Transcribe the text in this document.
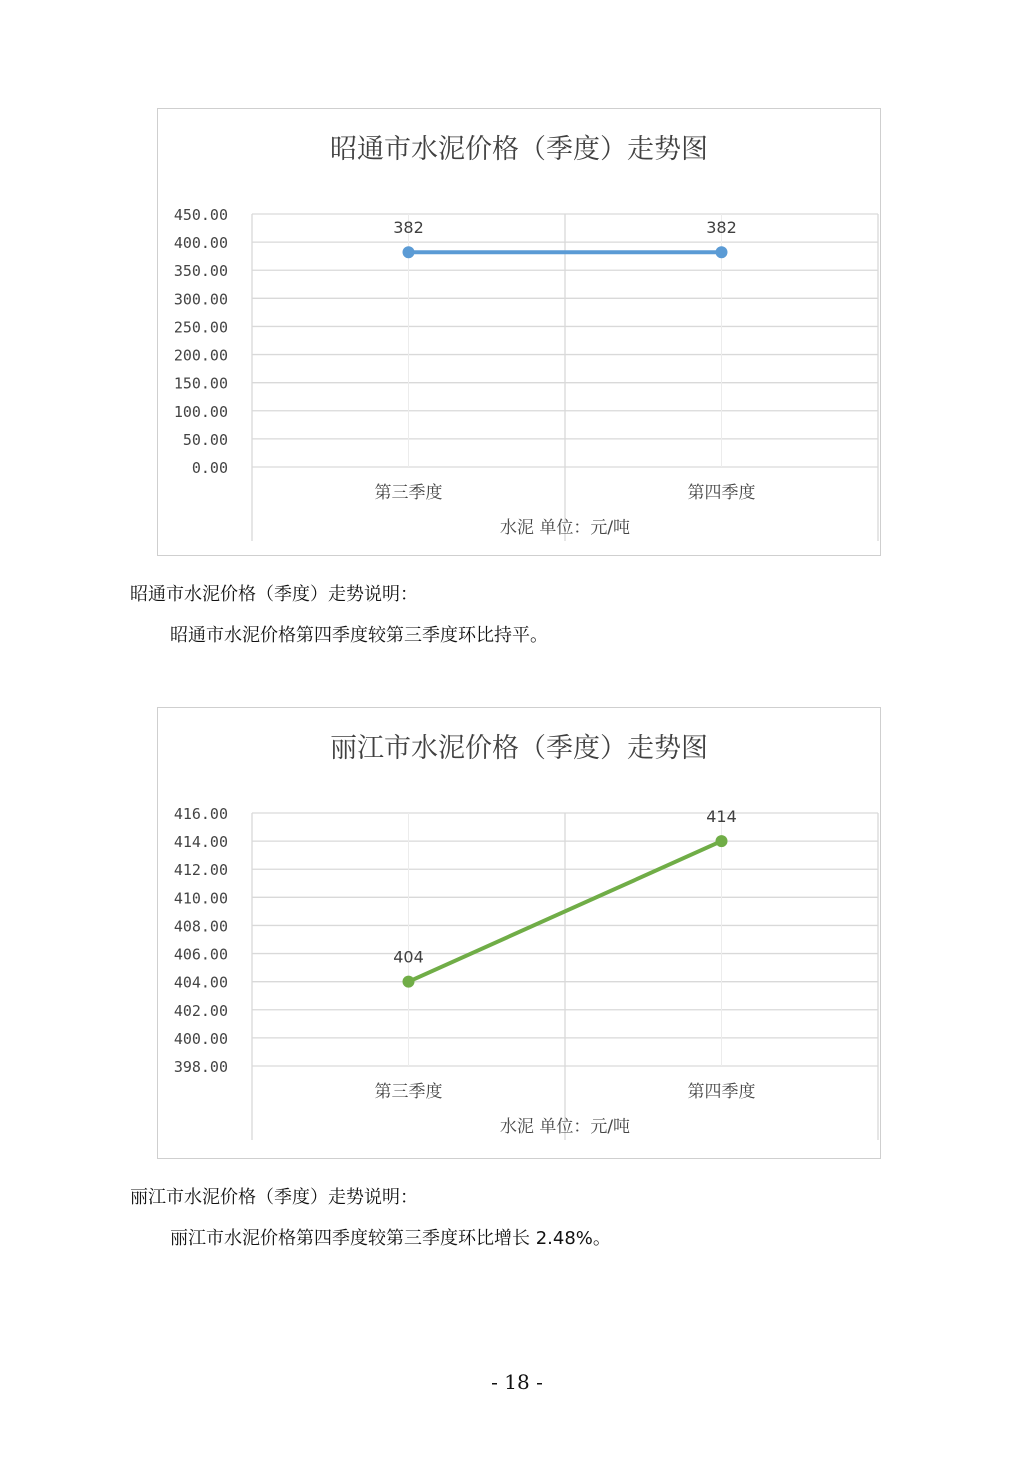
昭通市水泥价格（季度）走势图
450.00
400.00
350.00
300.00
250.00
200.00
150.00
100.00
50.00
0.00
第三季度	第四季度
水泥 单位：元/吨
382	382
昭通市水泥价格（季度）走势说明：
昭通市水泥价格第四季度较第三季度环比持平。
丽江市水泥价格（季度）走势图
416.00
414.00
412.00
410.00
408.00
406.00
404.00
402.00
400.00
398.00
第三季度	第四季度
水泥 单位：元/吨
404
414
丽江市水泥价格（季度）走势说明：
丽江市水泥价格第四季度较第三季度环比增长 2.48%。
- 18 -
